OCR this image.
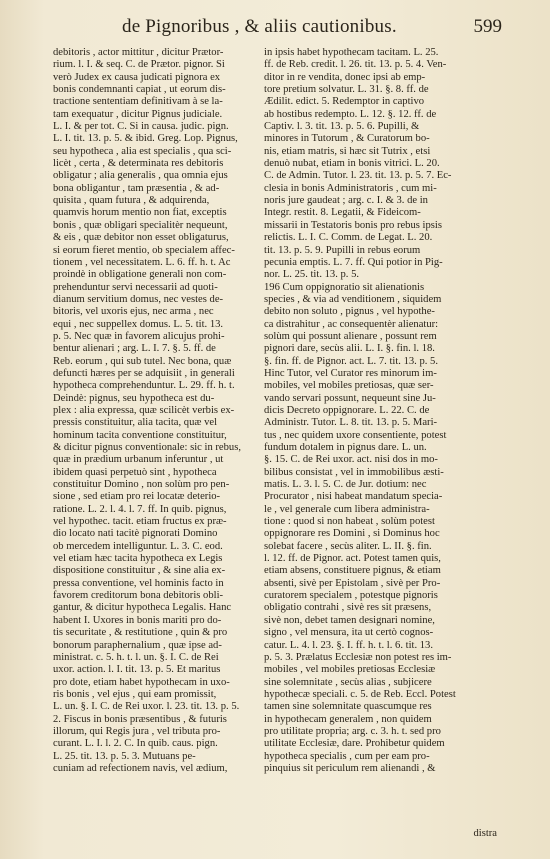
de Pignoribus , & aliis cautionibus.	599
debitoris , actor mittitur , dicitur Prætor-
rium. l. I. & seq. C. de Prætor. pignor. Si
verò Judex ex causa judicati pignora ex
bonis condemnanti capiat , ut eorum dis-
tractione sententiam definitivam à se la-
tam exequatur , dicitur Pignus judiciale.
L. I. & per tot. C. Si in causa. judic. pign.
L. I. tit. 13. p. 5. & ibid. Greg. Lop. Pignus,
seu hypotheca , alia est specialis , qua sci-
licèt , certa , & determinata res debitoris
obligatur ; alia generalis , qua omnia ejus
bona obligantur , tam præsentia , & ad-
quisita , quam futura , & adquirenda,
quamvis horum mentio non fiat, exceptis
bonis , quæ obligari specialitèr nequeunt,
& eis , quæ debitor non esset obligaturus,
si eorum fieret mentio, ob specialem affec-
tionem , vel necessitatem. L. 6. ff. h. t. Ac
proindè in obligatione generali non com-
prehenduntur servi necessarii ad quoti-
dianum servitium domus, nec vestes de-
bitoris, vel uxoris ejus, nec arma , nec
equi , nec suppellex domus. L. 5. tit. 13.
p. 5. Nec quæ in favorem alicujus prohi-
bentur alienari ; arg. L. I. 7. §. 5. ff. de
Reb. eorum , qui sub tutel. Nec bona, quæ
defuncti hæres per se adquisiit , in generali
hypotheca comprehenduntur. L. 29. ff. h. t.
Deindè: pignus, seu hypotheca est du-
plex : alia expressa, quæ scilicèt verbis ex-
pressis constituitur, alia tacita, quæ vel
hominum tacita conventione constituitur,
& dicitur pignus conventionale: sic in rebus,
quæ in prædium urbanum inferuntur , ut
ibidem quasi perpetuò sint , hypotheca
constituitur Domino , non solùm pro pen-
sione , sed etiam pro rei locatæ deterio-
ratione. L. 2. l. 4. l. 7. ff. In quib. pignus,
vel hypothec. tacit. etiam fructus ex præ-
dio locato nati tacitè pignorati Domino
ob mercedem intelliguntur. L. 3. C. eod.
vel etiam hæc tacita hypotheca ex Legis
dispositione constituitur , & sine alia ex-
pressa conventione, vel hominis facto in
favorem creditorum bona debitoris obli-
gantur, & dicitur hypotheca Legalis. Hanc
habent I. Uxores in bonis mariti pro do-
tis securitate , & restitutione , quin & pro
bonorum paraphernalium , quæ ipse ad-
ministrat. c. 5. h. t. l. un. §. I. C. de Rei
uxor. action. l. I. tit. 13. p. 5. Et maritus
pro dote, etiam habet hypothecam in uxo-
ris bonis , vel ejus , qui eam promissit,
L. un. §. I. C. de Rei uxor. l. 23. tit. 13. p. 5.
2. Fiscus in bonis præsentibus , & futuris
illorum, qui Regis jura , vel tributa pro-
curant. L. I. l. 2. C. In quib. caus. pign.
L. 25. tit. 13. p. 5. 3. Mutuans pe-
cuniam ad refectionem navis, vel ædium,
in ipsis habet hypothecam tacitam. L. 25.
ff. de Reb. credit. l. 26. tit. 13. p. 5. 4. Ven-
ditor in re vendita, donec ipsi ab emp-
tore pretium solvatur. L. 31. §. 8. ff. de
Ædilit. edict. 5. Redemptor in captivo
ab hostibus redempto. L. 12. §. 12. ff. de
Captiv. l. 3. tit. 13. p. 5. 6. Pupilli, &
minores in Tutorum , & Curatorum bo-
nis, etiam matris, si hæc sit Tutrix , etsi
denuò nubat, etiam in bonis vitrici. L. 20.
C. de Admin. Tutor. l. 23. tit. 13. p. 5. 7. Ec-
clesia in bonis Administratoris , cum mi-
noris jure gaudeat ; arg. c. I. & 3. de in
Integr. restit. 8. Legatii, & Fideicom-
missarii in Testatoris bonis pro rebus ipsis
relictis. L. I. C. Comm. de Legat. L. 20.
tit. 13. p. 5. 9. Pupilli in rebus eorum
pecunia emptis. L. 7. ff. Qui potior in Pig-
nor. L. 25. tit. 13. p. 5.
196 Cum oppignoratio sit alienationis
species , & via ad venditionem , siquidem
debito non soluto , pignus , vel hypothe-
ca distrahitur , ac consequentèr alienatur:
solùm qui possunt alienare , possunt rem
pignori dare, secùs alii. L. I. §. fin. l. 18.
§. fin. ff. de Pignor. act. L. 7. tit. 13. p. 5.
Hinc Tutor, vel Curator res minorum im-
mobiles, vel mobiles pretiosas, quæ ser-
vando servari possunt, nequeunt sine Ju-
dicis Decreto oppignorare. L. 22. C. de
Administr. Tutor. L. 8. tit. 13. p. 5. Mari-
tus , nec quidem uxore consentiente, potest
fundum dotalem in pignus dare. L. un.
§. 15. C. de Rei uxor. act. nisi dos in mo-
bilibus consistat , vel in immobilibus æsti-
matis. L. 3. l. 5. C. de Jur. dotium: nec
Procurator , nisi habeat mandatum specia-
le , vel generale cum libera administra-
tione : quod si non habeat , solùm potest
oppignorare res Domini , si Dominus hoc
solebat facere , secùs aliter. L. II. §. fin.
l. 12. ff. de Pignor. act. Potest tamen quis,
etiam absens, constituere pignus, & etiam
absenti, sivè per Epistolam , sivè per Pro-
curatorem specialem , potestque pignoris
obligatio contrahi , sivè res sit præsens,
sivè non, debet tamen designari nomine,
signo , vel mensura, ita ut certò cognos-
catur. L. 4. l. 23. §. I. ff. h. t. l. 6. tit. 13.
p. 5. 3. Prælatus Ecclesiæ non potest res im-
mobiles , vel mobiles pretiosas Ecclesiæ
sine solemnitate , secùs alias , subjicere
hypothecæ speciali. c. 5. de Reb. Eccl. Potest
tamen sine solemnitate quascumque res
in hypothecam generalem , non quidem
pro utilitate propria; arg. c. 3. h. t. sed pro
utilitate Ecclesiæ, dare. Prohibetur quidem
hypotheca specialis , cum per eam pro-
pinquius sit periculum rem alienandi , &
distra
